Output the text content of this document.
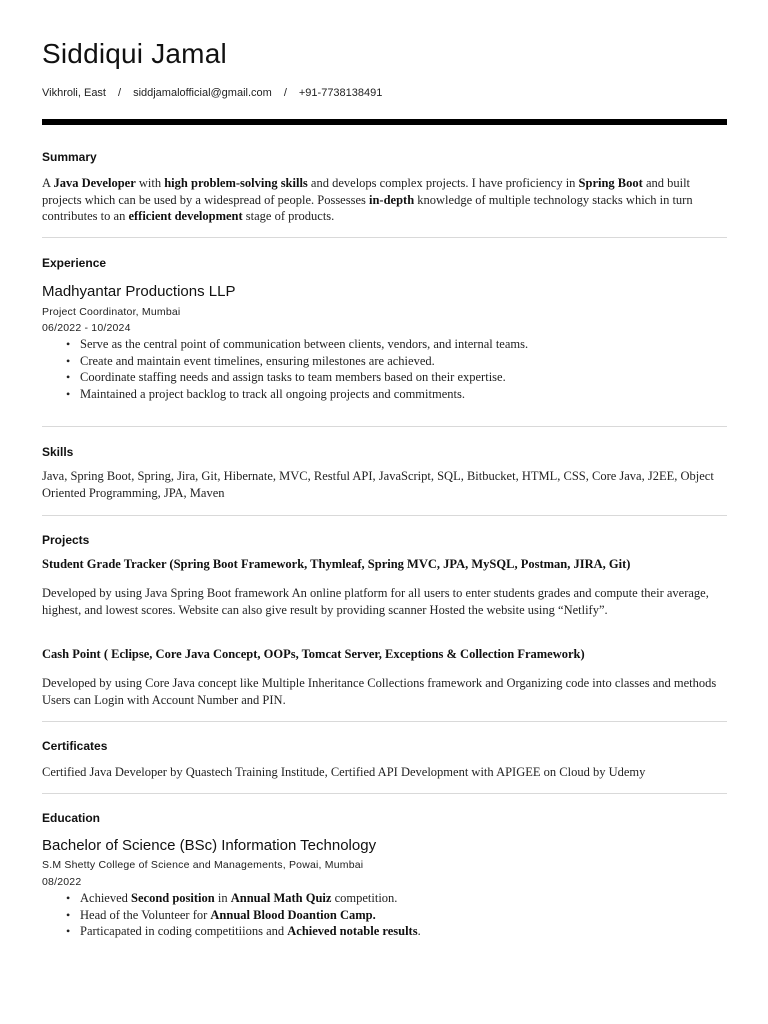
Siddiqui Jamal
Vikhroli, East / siddjamalofficial@gmail.com / +91-7738138491
Summary

A Java Developer with high problem-solving skills and develops complex projects. I have proficiency in Spring Boot and built projects which can be used by a widespread of people. Possesses in-depth knowledge of multiple technology stacks which in turn contributes to an efficient development stage of products.

Experience
Madhyantar Productions LLP
Project Coordinator, Mumbai
06/2022 - 10/2024
• Serve as the central point of communication between clients, vendors, and internal teams.
• Create and maintain event timelines, ensuring milestones are achieved.
• Coordinate staffing needs and assign tasks to team members based on their expertise.
• Maintained a project backlog to track all ongoing projects and commitments.
Skills

Java, Spring Boot, Spring, Jira, Git, Hibernate, MVC, Restful API, JavaScript, SQL, Bitbucket, HTML, CSS, Core Java, J2EE, Object Oriented Programming, JPA, Maven

Projects
Student Grade Tracker (Spring Boot Framework, Thymleaf, Spring MVC, JPA, MySQL, Postman, JIRA, Git)

Developed by using Java Spring Boot framework An online platform for all users to enter students grades and compute their average, highest, and lowest scores. Website can also give result by providing scanner Hosted the website using “Netlify”.

Cash Point ( Eclipse, Core Java Concept, OOPs, Tomcat Server, Exceptions & Collection Framework)

Developed by using Core Java concept like Multiple Inheritance Collections framework and Organizing code into classes and methods Users can Login with Account Number and PIN.

Certificates

Certified Java Developer by Quastech Training Institude, Certified API Development with APIGEE on Cloud by Udemy

Education
Bachelor of Science (BSc) Information Technology
S.M Shetty College of Science and Managements, Powai, Mumbai
08/2022
• Achieved Second position in Annual Math Quiz competition.
• Head of the Volunteer for Annual Blood Doantion Camp.
• Particapated in coding competitiions and Achieved notable results.
